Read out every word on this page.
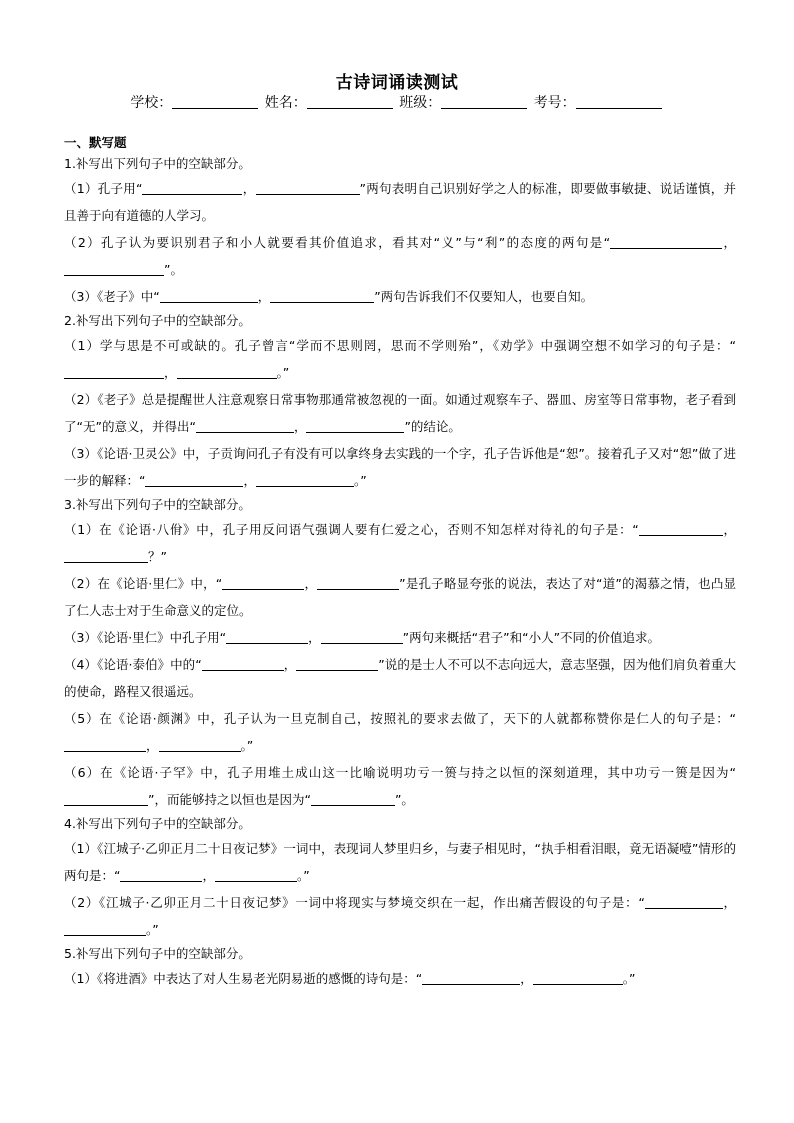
古诗词诵读测试
学校：	姓名：	班级：	考号：
一、默写题
1.补写出下列句子中的空缺部分。
（1）孔子用“	，	”两句表明自己识别好学之人的标准，即要做事敏捷、说话谨慎，并且善于向有道德的人学习。
（2）孔子认为要识别君子和小人就要看其价值追求，看其对“义”与“利”的态度的两句是“	，”。
（3）《老子》中“	，	”两句告诉我们不仅要知人，也要自知。
2.补写出下列句子中的空缺部分。
（1）学与思是不可或缺的。孔子曾言“学而不思则罔，思而不学则殆”，《劝学》中强调空想不如学习的句子是：“，	。”
（2）《老子》总是提醒世人注意观察日常事物那通常被忽视的一面。如通过观察车子、器皿、房室等日常事物，老子看到了“无”的意义，并得出“	，	”的结论。
（3）《论语·卫灵公》中，子贡询问孔子有没有可以拿终身去实践的一个字，孔子告诉他是“恕”。接着孔子又对“恕”做了进一步的解释：“	，	。”
3.补写出下列句子中的空缺部分。
（1）在《论语·八佾》中，孔子用反问语气强调人要有仁爱之心，否则不知怎样对待礼的句子是：“	，？”
（2）在《论语·里仁》中，“	，	”是孔子略显夸张的说法，表达了对“道”的渴慕之情，也凸显了仁人志士对于生命意义的定位。
（3）《论语·里仁》中孔子用“	，	”两句来概括“君子”和“小人”不同的价值追求。
（4）《论语·泰伯》中的“	，	”说的是士人不可以不志向远大，意志坚强，因为他们肩负着重大的使命，路程又很遥远。
（5）在《论语·颜渊》中，孔子认为一旦克制自己，按照礼的要求去做了，天下的人就都称赞你是仁人的句子是：“，	。”
（6）在《论语·子罕》中，孔子用堆土成山这一比喻说明功亏一篑与持之以恒的深刻道理，其中功亏一篑是因为“”，而能够持之以恒也是因为“	”。
4.补写出下列句子中的空缺部分。
（1）《江城子·乙卯正月二十日夜记梦》一词中，表现词人梦里归乡，与妻子相见时，“执手相看泪眼，竟无语凝噎”情形的两句是：“	，	。”
（2）《江城子·乙卯正月二十日夜记梦》一词中将现实与梦境交织在一起，作出痛苦假设的句子是：“	，。”
5.补写出下列句子中的空缺部分。
（1）《将进酒》中表达了对人生易老光阴易逝的感慨的诗句是：“	，	。”
